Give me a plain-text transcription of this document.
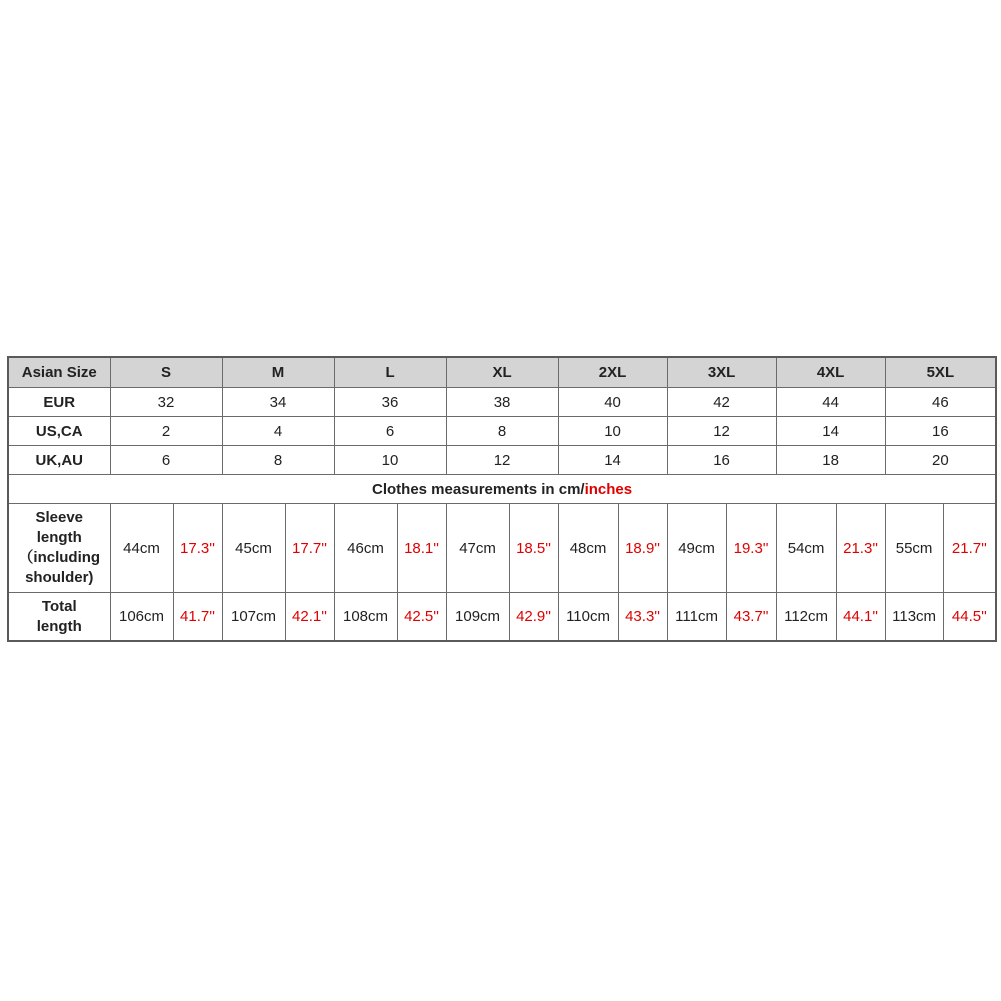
Asian Size	S		M		L		XL		2XL		3XL		4XL		5XL	
EUR	32		34		36		38		40		42		44		46	
US,CA	2		4		6		8		10		12		14		16	
UK,AU	6		8		10		12		14		16		18		20	
Clothes measurements in cm/inches																

Sleeve
length
（including
shoulder)	44cm	17.3''	45cm	17.7''	46cm	18.1''	47cm	18.5''	48cm	18.9''	49cm	19.3''	54cm	21.3''	55cm	21.7''

Total
length	106cm	41.7''	107cm	42.1''	108cm	42.5''	109cm	42.9''	110cm	43.3''	111cm	43.7''	112cm	44.1''	113cm	44.5''
